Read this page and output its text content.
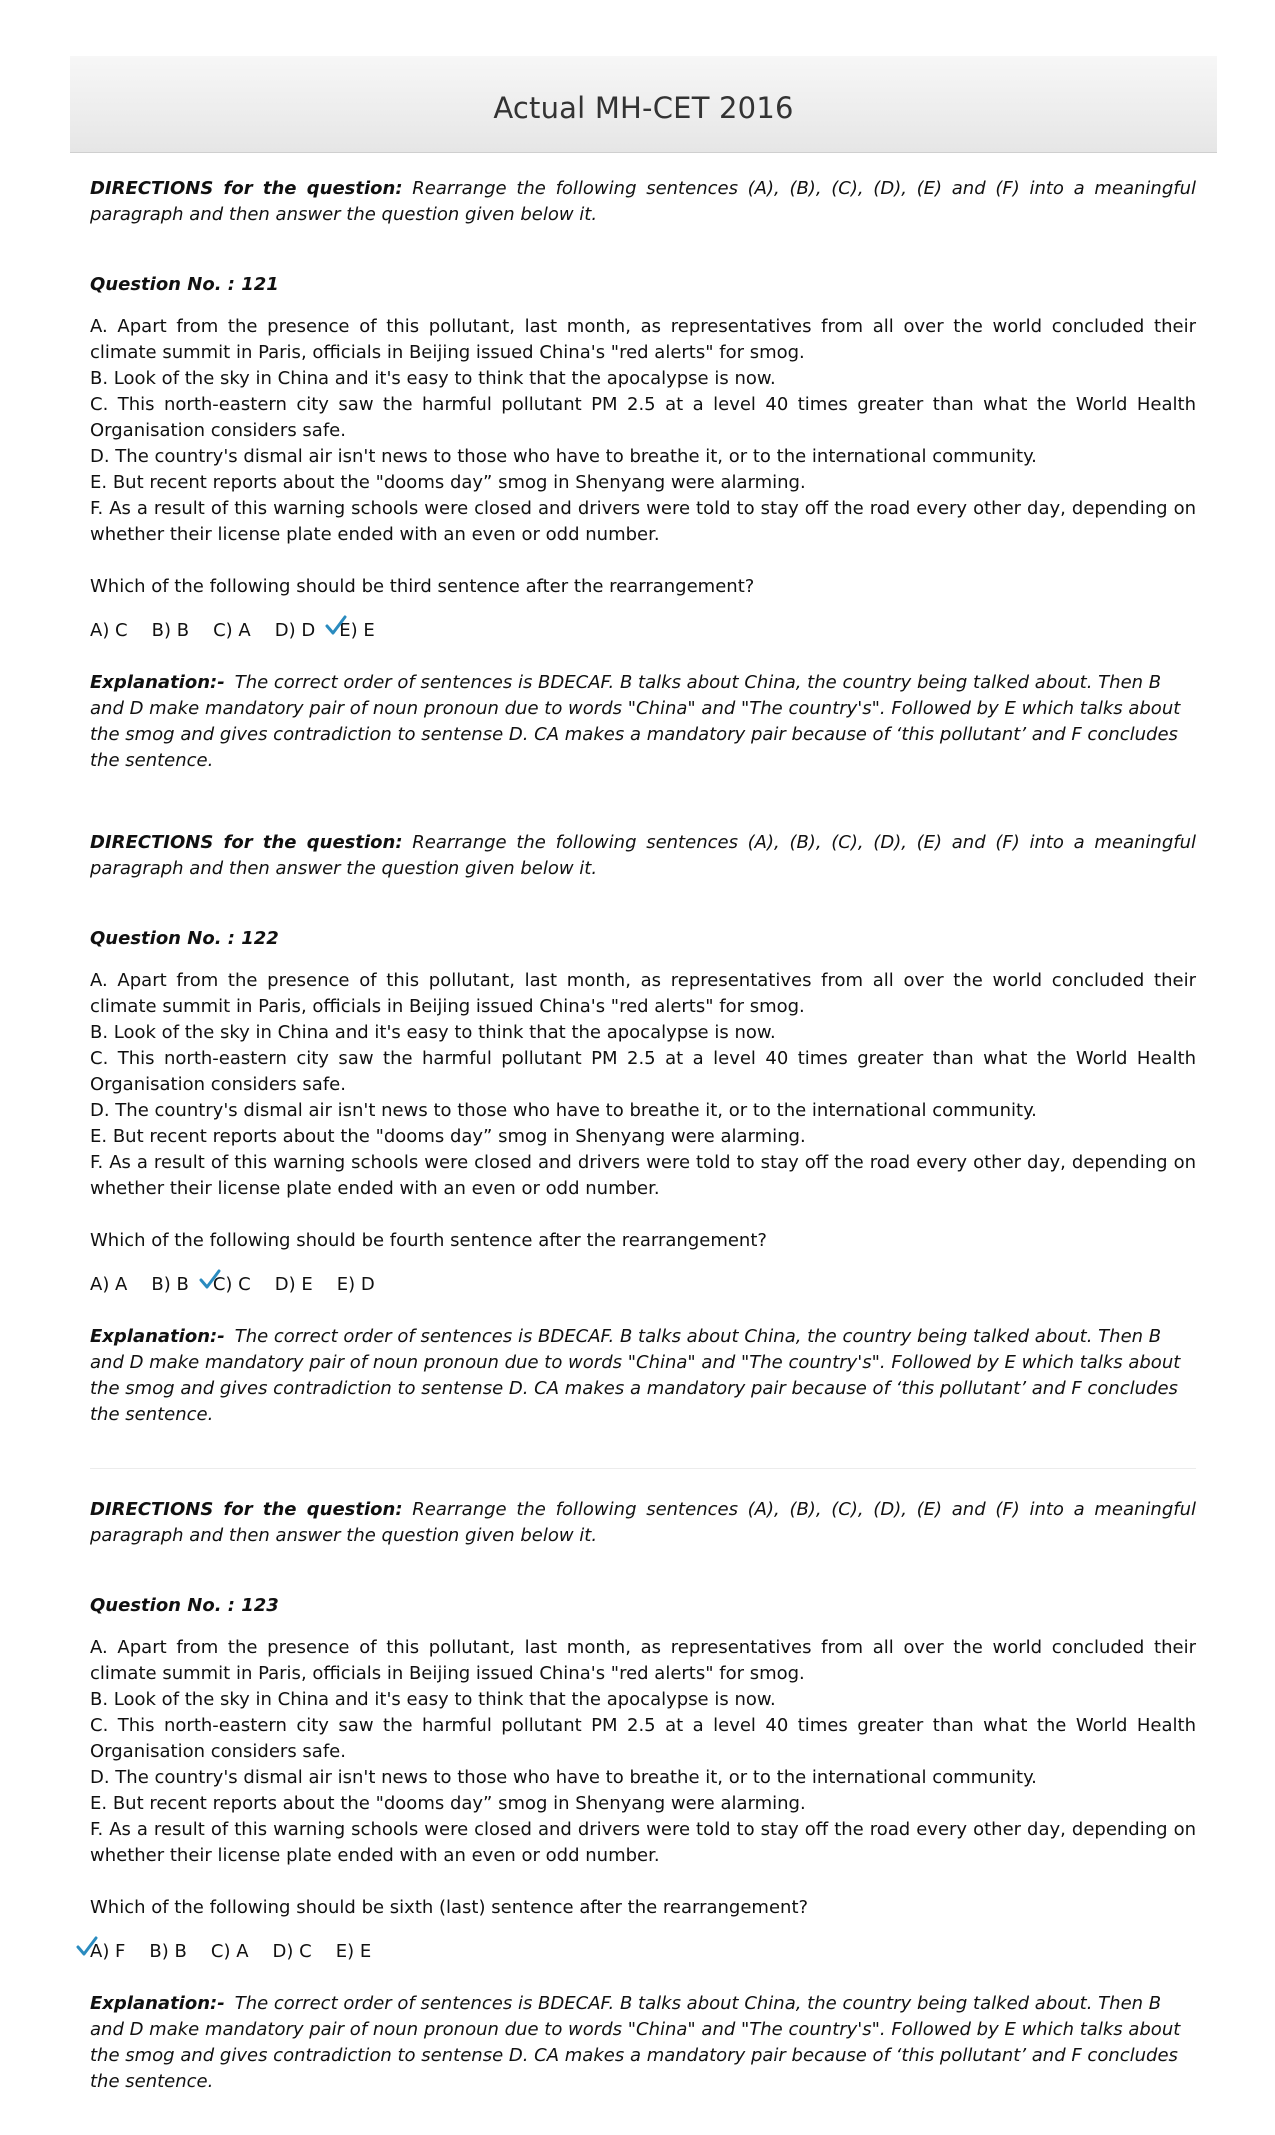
Actual MH-CET 2016

DIRECTIONS for the question: Rearrange the following sentences (A), (B), (C), (D), (E) and (F) into a meaningful paragraph and then answer the question given below it.

Question No. : 121

A. Apart from the presence of this pollutant, last month, as representatives from all over the world concluded their climate summit in Paris, officials in Beijing issued China's "red alerts" for smog.

B. Look of the sky in China and it's easy to think that the apocalypse is now.

C. This north-eastern city saw the harmful pollutant PM 2.5 at a level 40 times greater than what the World Health Organisation considers safe.

D. The country's dismal air isn't news to those who have to breathe it, or to the international community.

E. But recent reports about the "dooms day” smog in Shenyang were alarming.

F. As a result of this warning schools were closed and drivers were told to stay off the road every other day, depending on whether their license plate ended with an even or odd number.

Which of the following should be third sentence after the rearrangement?
A) C B) B C) A D) D E) E
Explanation:- The correct order of sentences is BDECAF. B talks about China, the country being talked about. Then B and D make mandatory pair of noun pronoun due to words "China" and "The country's". Followed by E which talks about the smog and gives contradiction to sentense D. CA makes a mandatory pair because of ‘this pollutant’ and F concludes the sentence.

DIRECTIONS for the question: Rearrange the following sentences (A), (B), (C), (D), (E) and (F) into a meaningful paragraph and then answer the question given below it.

Question No. : 122

A. Apart from the presence of this pollutant, last month, as representatives from all over the world concluded their climate summit in Paris, officials in Beijing issued China's "red alerts" for smog.

B. Look of the sky in China and it's easy to think that the apocalypse is now.

C. This north-eastern city saw the harmful pollutant PM 2.5 at a level 40 times greater than what the World Health Organisation considers safe.

D. The country's dismal air isn't news to those who have to breathe it, or to the international community.

E. But recent reports about the "dooms day” smog in Shenyang were alarming.

F. As a result of this warning schools were closed and drivers were told to stay off the road every other day, depending on whether their license plate ended with an even or odd number.

Which of the following should be fourth sentence after the rearrangement?
A) A B) B C) C D) E E) D
Explanation:- The correct order of sentences is BDECAF. B talks about China, the country being talked about. Then B and D make mandatory pair of noun pronoun due to words "China" and "The country's". Followed by E which talks about the smog and gives contradiction to sentense D. CA makes a mandatory pair because of ‘this pollutant’ and F concludes the sentence.

DIRECTIONS for the question: Rearrange the following sentences (A), (B), (C), (D), (E) and (F) into a meaningful paragraph and then answer the question given below it.

Question No. : 123

A. Apart from the presence of this pollutant, last month, as representatives from all over the world concluded their climate summit in Paris, officials in Beijing issued China's "red alerts" for smog.

B. Look of the sky in China and it's easy to think that the apocalypse is now.

C. This north-eastern city saw the harmful pollutant PM 2.5 at a level 40 times greater than what the World Health Organisation considers safe.

D. The country's dismal air isn't news to those who have to breathe it, or to the international community.

E. But recent reports about the "dooms day” smog in Shenyang were alarming.

F. As a result of this warning schools were closed and drivers were told to stay off the road every other day, depending on whether their license plate ended with an even or odd number.

Which of the following should be sixth (last) sentence after the rearrangement?
A) F B) B C) A D) C E) E
Explanation:- The correct order of sentences is BDECAF. B talks about China, the country being talked about. Then B and D make mandatory pair of noun pronoun due to words "China" and "The country's". Followed by E which talks about the smog and gives contradiction to sentense D. CA makes a mandatory pair because of ‘this pollutant’ and F concludes the sentence.
